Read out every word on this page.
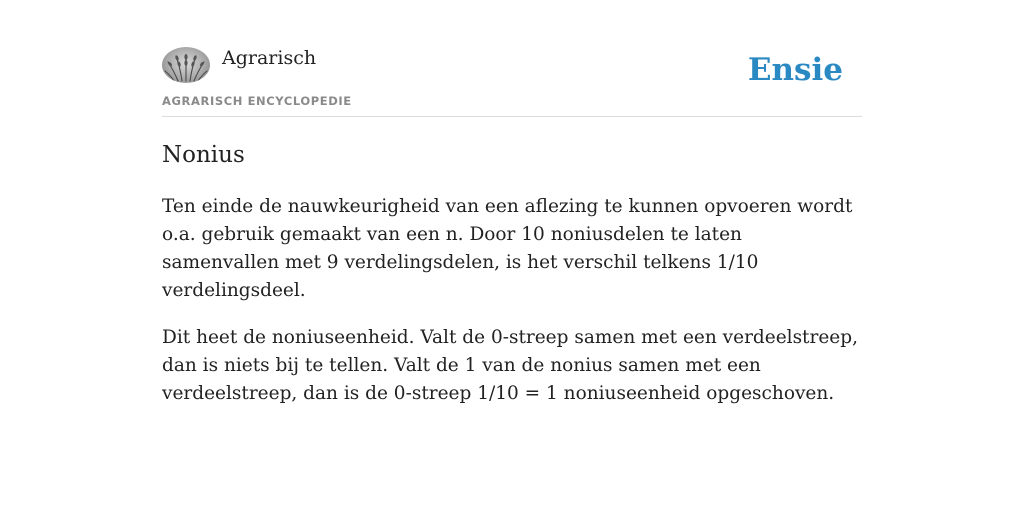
Agrarisch
AGRARISCH ENCYCLOPEDIE
Ensie
Nonius

Ten einde de nauwkeurigheid van een aflezing te kunnen opvoeren wordt o.a. gebruik gemaakt van een n. Door 10 noniusdelen te laten samenvallen met 9 verdelingsdelen, is het verschil telkens 1/10 verdelingsdeel.

Dit heet de noniuseenheid. Valt de 0-streep samen met een verdeelstreep, dan is niets bij te tellen. Valt de 1 van de nonius samen met een verdeelstreep, dan is de 0-streep 1/10 = 1 noniuseenheid opgeschoven.
